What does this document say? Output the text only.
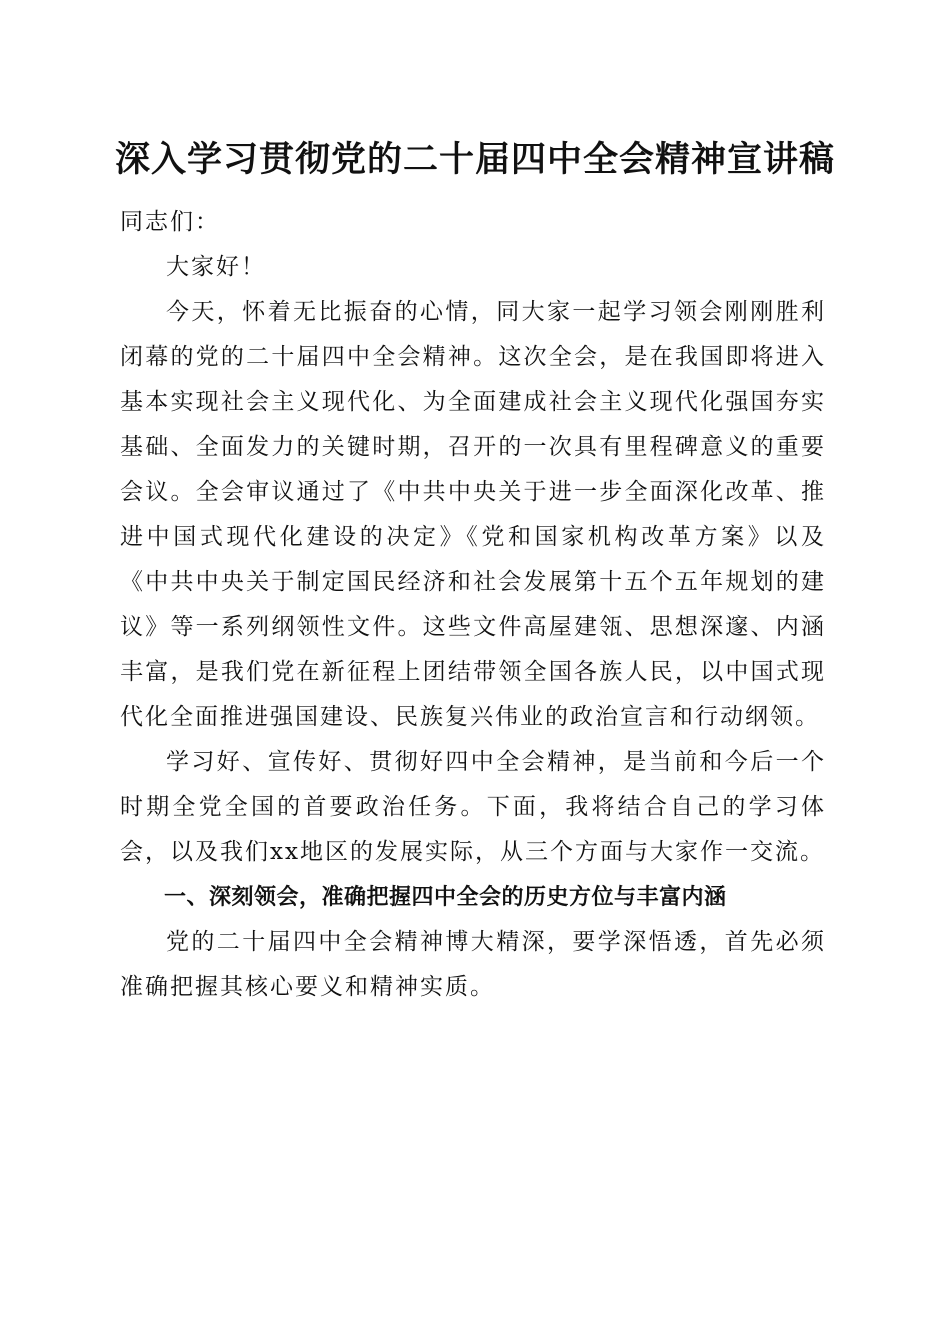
深入学习贯彻党的二十届四中全会精神宣讲稿

同志们：

大家好！

今天，怀着无比振奋的心情，同大家一起学习领会刚刚胜利闭幕的党的二十届四中全会精神。这次全会，是在我国即将进入基本实现社会主义现代化、为全面建成社会主义现代化强国夯实基础、全面发力的关键时期，召开的一次具有里程碑意义的重要会议。全会审议通过了《中共中央关于进一步全面深化改革、推进中国式现代化建设的决定》《党和国家机构改革方案》以及《中共中央关于制定国民经济和社会发展第十五个五年规划的建议》等一系列纲领性文件。这些文件高屋建瓴、思想深邃、内涵丰富，是我们党在新征程上团结带领全国各族人民，以中国式现代化全面推进强国建设、民族复兴伟业的政治宣言和行动纲领。

学习好、宣传好、贯彻好四中全会精神，是当前和今后一个时期全党全国的首要政治任务。下面，我将结合自己的学习体会，以及我们xx地区的发展实际，从三个方面与大家作一交流。

一、深刻领会，准确把握四中全会的历史方位与丰富内涵

党的二十届四中全会精神博大精深，要学深悟透，首先必须准确把握其核心要义和精神实质。
